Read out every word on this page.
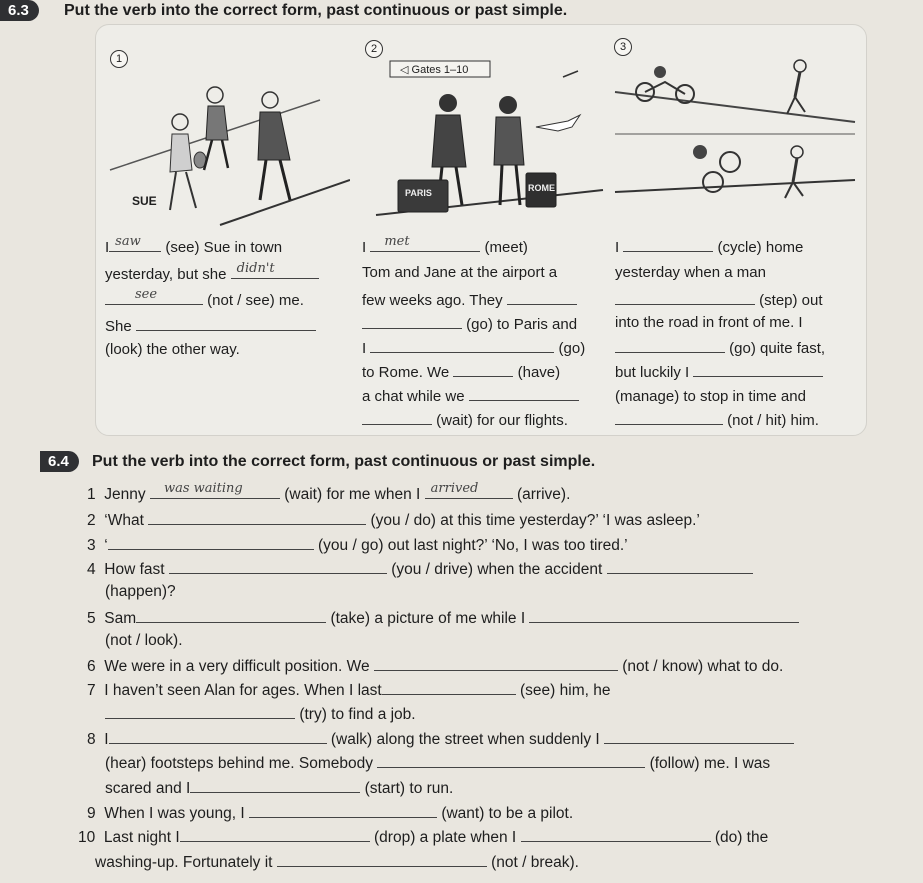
6.3	Put the verb into the correct form, past continuous or past simple.
1
2	3
SUE
◁ Gates 1–10
PARIS	ROME
I saw (see) Sue in town
yesterday, but she didn't
see	(not / see) me.
She
(look) the other way.
I met	(meet)
Tom and Jane at the airport a
few weeks ago. They
(go) to Paris and
I	(go)
to Rome. We	(have)
a chat while we
(wait) for our flights.
I	(cycle) home
yesterday when a man
(step) out
into the road in front of me. I
(go) quite fast,
but luckily I
(manage) to stop in time and
(not / hit) him.
6.4	Put the verb into the correct form, past continuous or past simple.
1 Jenny was waiting	(wait) for me when I arrived (arrive).
2 ‘What	(you / do) at this time yesterday?’ ‘I was asleep.’
3 ‘	(you / go) out last night?’ ‘No, I was too tired.’
4 How fast	(you / drive) when the accident
(happen)?
5 Sam	(take) a picture of me while I
(not / look).
6 We were in a very difficult position. We	(not / know) what to do.
7 I haven’t seen Alan for ages. When I last	(see) him, he
(try) to find a job.
8 I	(walk) along the street when suddenly I
(hear) footsteps behind me. Somebody	(follow) me. I was
scared and I	(start) to run.
9 When I was young, I	(want) to be a pilot.
10 Last night I	(drop) a plate when I	(do) the
washing-up. Fortunately it	(not / break).
